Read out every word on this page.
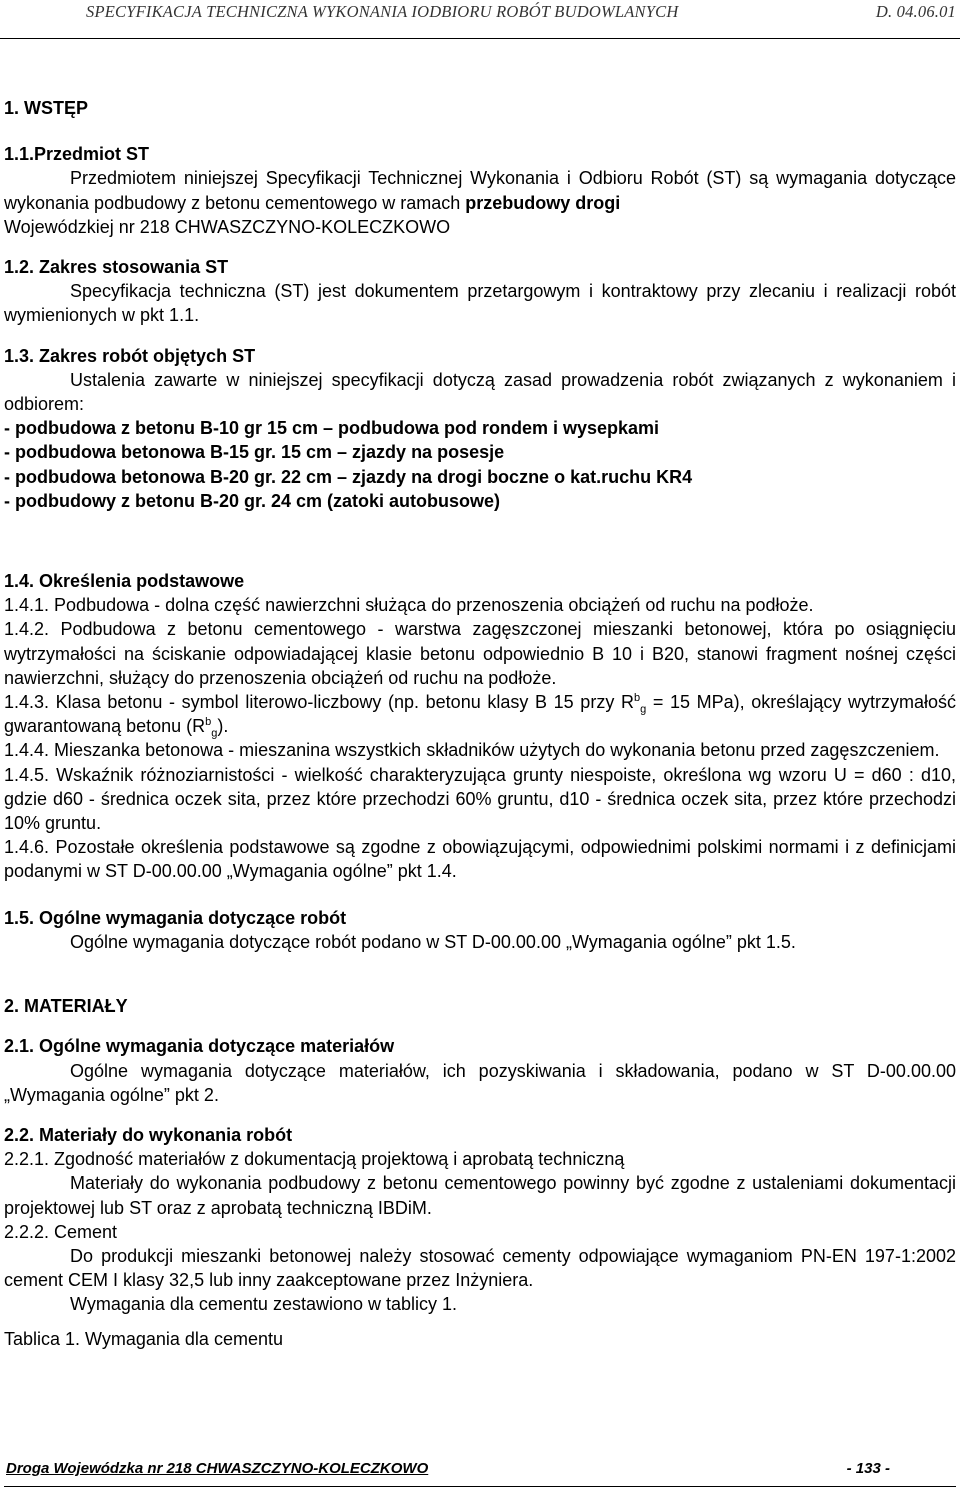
SPECYFIKACJA TECHNICZNA WYKONANIA IODBIORU ROBÓT BUDOWLANYCH	D. 04.06.01
1. WSTĘP
1.1.Przedmiot ST

Przedmiotem niniejszej Specyfikacji Technicznej Wykonania i Odbioru Robót (ST) są wymagania dotyczące wykonania podbudowy z betonu cementowego w ramach przebudowy drogi
Wojewódzkiej nr 218 CHWASZCZYNO-KOLECZKOWO

1.2. Zakres stosowania ST

Specyfikacja techniczna (ST) jest dokumentem przetargowym i kontraktowy przy zlecaniu i realizacji robót wymienionych w pkt 1.1.

1.3. Zakres robót objętych ST

Ustalenia zawarte w niniejszej specyfikacji dotyczą zasad prowadzenia robót związanych z wykonaniem i odbiorem:

- podbudowa z betonu B-10 gr 15 cm – podbudowa pod rondem i wysepkami
- podbudowa betonowa B-15 gr. 15 cm – zjazdy na posesje
- podbudowa betonowa B-20 gr. 22 cm – zjazdy na drogi boczne o kat.ruchu KR4
- podbudowy z betonu B-20 gr. 24 cm (zatoki autobusowe)
1.4. Określenia podstawowe

1.4.1. Podbudowa - dolna część nawierzchni służąca do przenoszenia obciążeń od ruchu na podłoże.

1.4.2. Podbudowa z betonu cementowego - warstwa zagęszczonej mieszanki betonowej, która po osiągnięciu wytrzymałości na ściskanie odpowiadającej klasie betonu odpowiednio B 10 i B20, stanowi fragment nośnej części nawierzchni, służący do przenoszenia obciążeń od ruchu na podłoże.

1.4.3. Klasa betonu - symbol literowo-liczbowy (np. betonu klasy B 15 przy $R^b_g = 15$ MPa), określający wytrzymałość gwarantowaną betonu $(R^b_g)$.

1.4.4. Mieszanka betonowa - mieszanina wszystkich składników użytych do wykonania betonu przed zagęszczeniem.

1.4.5. Wskaźnik różnoziarnistości - wielkość charakteryzująca grunty niespoiste, określona wg wzoru U = d60 : d10, gdzie d60 - średnica oczek sita, przez które przechodzi 60% gruntu, d10 - średnica oczek sita, przez które przechodzi 10% gruntu.

1.4.6. Pozostałe określenia podstawowe są zgodne z obowiązującymi, odpowiednimi polskimi normami i z definicjami podanymi w ST D-00.00.00 „Wymagania ogólne” pkt 1.4.

1.5. Ogólne wymagania dotyczące robót

Ogólne wymagania dotyczące robót podano w ST D-00.00.00 „Wymagania ogólne” pkt 1.5.

2. MATERIAŁY
2.1. Ogólne wymagania dotyczące materiałów

Ogólne wymagania dotyczące materiałów, ich pozyskiwania i składowania, podano w ST D-00.00.00 „Wymagania ogólne” pkt 2.

2.2. Materiały do wykonania robót
2.2.1. Zgodność materiałów z dokumentacją projektową i aprobatą techniczną

Materiały do wykonania podbudowy z betonu cementowego powinny być zgodne z ustaleniami dokumentacji projektowej lub ST oraz z aprobatą techniczną IBDiM.

2.2.2. Cement

Do produkcji mieszanki betonowej należy stosować cementy odpowiające wymaganiom PN-EN 197-1:2002 cement CEM I klasy 32,5 lub inny zaakceptowane przez Inżyniera.

Wymagania dla cementu zestawiono w tablicy 1.

Tablica 1. Wymagania dla cementu
Droga Wojewódzka nr 218 CHWASZCZYNO-KOLECZKOWO	- 133 -
